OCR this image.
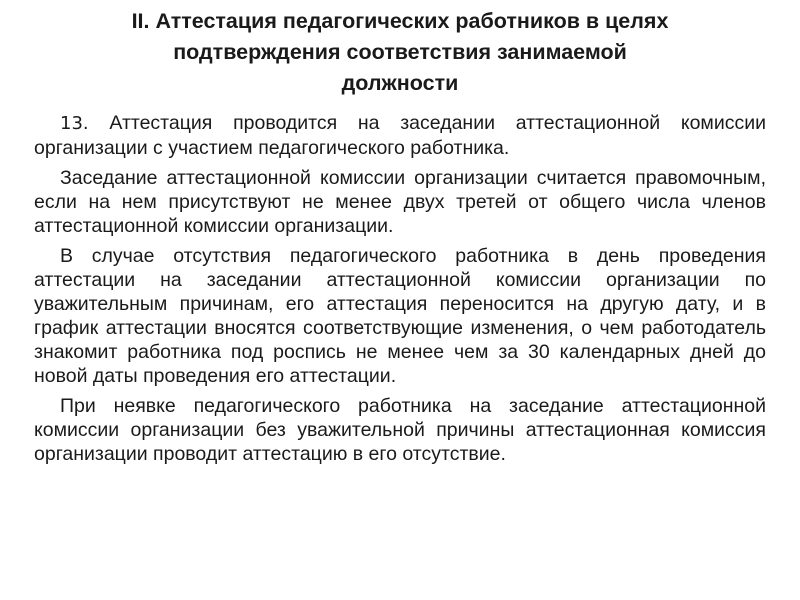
II. Аттестация педагогических работников в целях
подтверждения соответствия занимаемой
должности

13. Аттестация проводится на заседании аттестационной комиссии организации с участием педагогического работника.

Заседание аттестационной комиссии организации считается правомочным, если на нем присутствуют не менее двух третей от общего числа членов аттестационной комиссии организации.

В случае отсутствия педагогического работника в день проведения аттестации на заседании аттестационной комиссии организации по уважительным причинам, его аттестация переносится на другую дату, и в график аттестации вносятся соответствующие изменения, о чем работодатель знакомит работника под роспись не менее чем за 30 календарных дней до новой даты проведения его аттестации.

При неявке педагогического работника на заседание аттестационной комиссии организации без уважительной причины аттестационная комиссия организации проводит аттестацию в его отсутствие.
